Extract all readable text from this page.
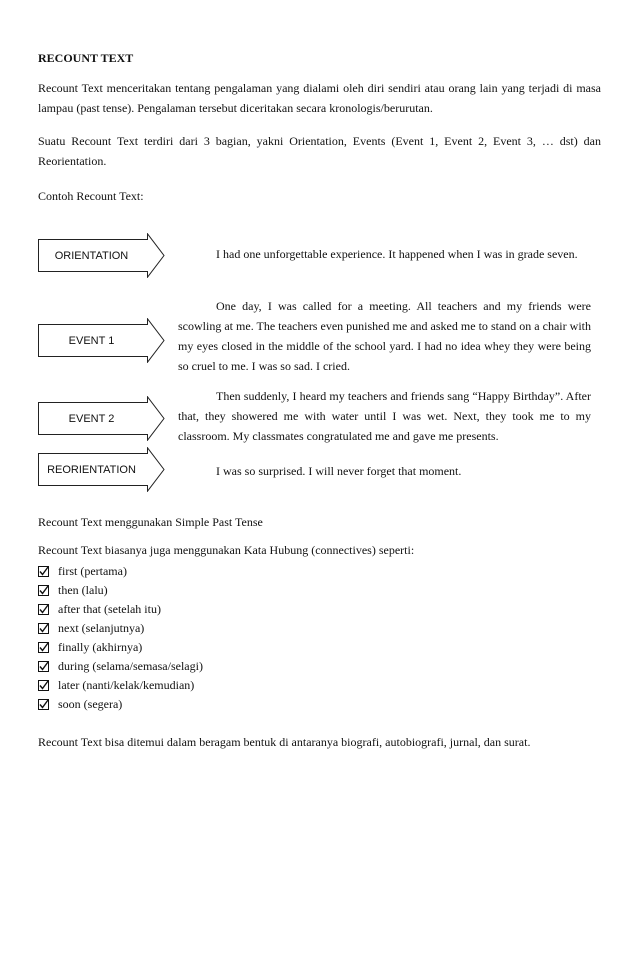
RECOUNT TEXT

Recount Text menceritakan tentang pengalaman yang dialami oleh diri sendiri atau orang lain yang terjadi di masa lampau (past tense). Pengalaman tersebut diceritakan secara kronologis/berurutan.

Suatu Recount Text terdiri dari 3 bagian, yakni Orientation, Events (Event 1, Event 2, Event 3, … dst) dan Reorientation.

Contoh Recount Text:

ORIENTATION
EVENT 1
EVENT 2
REORIENTATION

I had one unforgettable experience. It happened when I was in grade seven.

One day, I was called for a meeting. All teachers and my friends were scowling at me. The teachers even punished me and asked me to stand on a chair with my eyes closed in the middle of the school yard. I had no idea whey they were being so cruel to me. I was so sad. I cried.

Then suddenly, I heard my teachers and friends sang “Happy Birthday”. After that, they showered me with water until I was wet. Next, they took me to my classroom. My classmates congratulated me and gave me presents.

I was so surprised. I will never forget that moment.

Recount Text menggunakan Simple Past Tense

Recount Text biasanya juga menggunakan Kata Hubung (connectives) seperti:

first (pertama)
then (lalu)
after that (setelah itu)
next (selanjutnya)
finally (akhirnya)
during (selama/semasa/selagi)
later (nanti/kelak/kemudian)
soon (segera)

Recount Text bisa ditemui dalam beragam bentuk di antaranya biografi, autobiografi, jurnal, dan surat.
